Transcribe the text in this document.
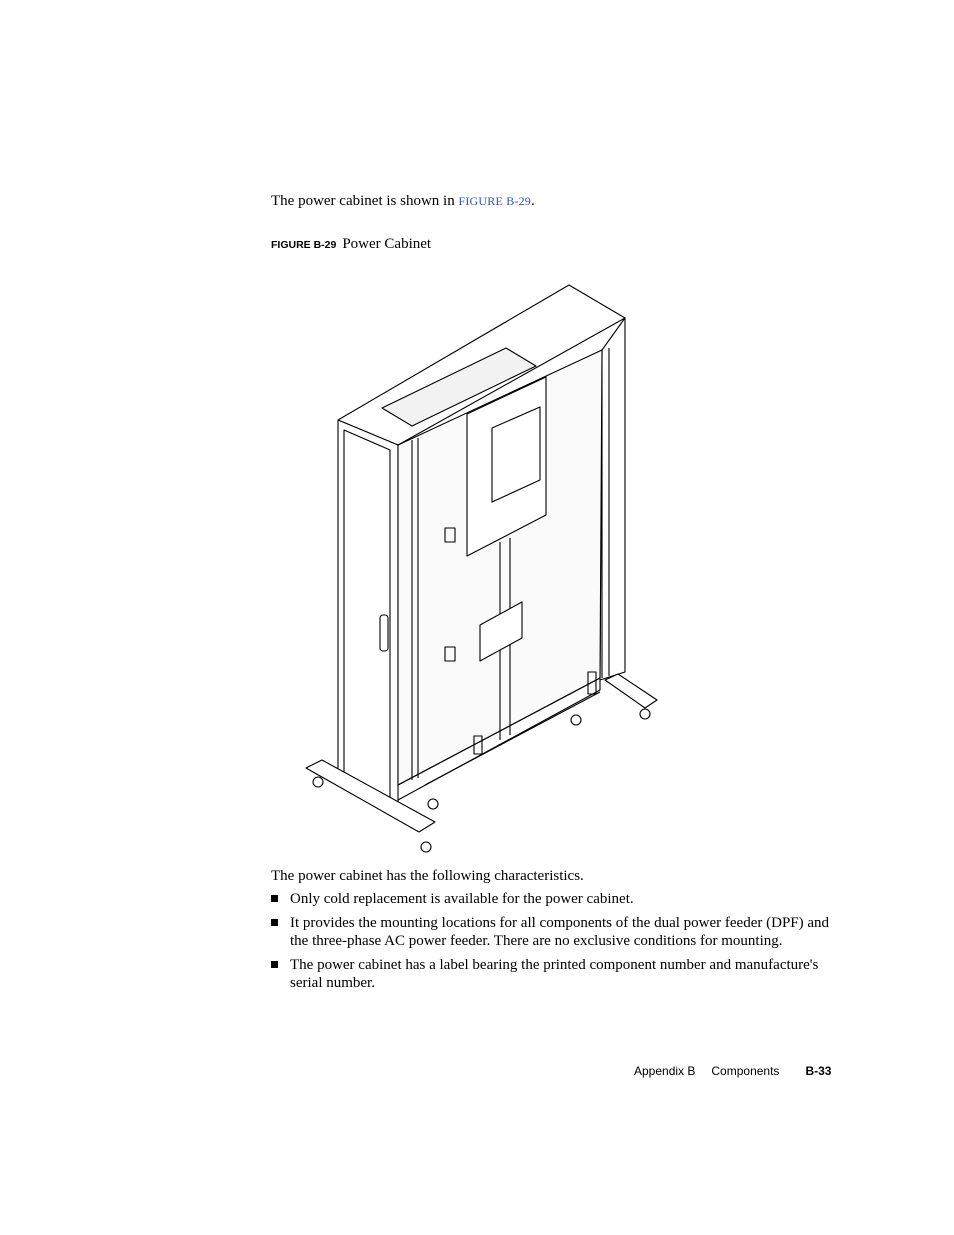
The power cabinet is shown in FIGURE B-29.
FIGURE B-29 Power Cabinet
The power cabinet has the following characteristics.
Only cold replacement is available for the power cabinet.
It provides the mounting locations for all components of the dual power feeder (DPF) and the three-phase AC power feeder. There are no exclusive conditions for mounting.
The power cabinet has a label bearing the printed component number and manufacture's serial number.
Appendix B Components B-33
